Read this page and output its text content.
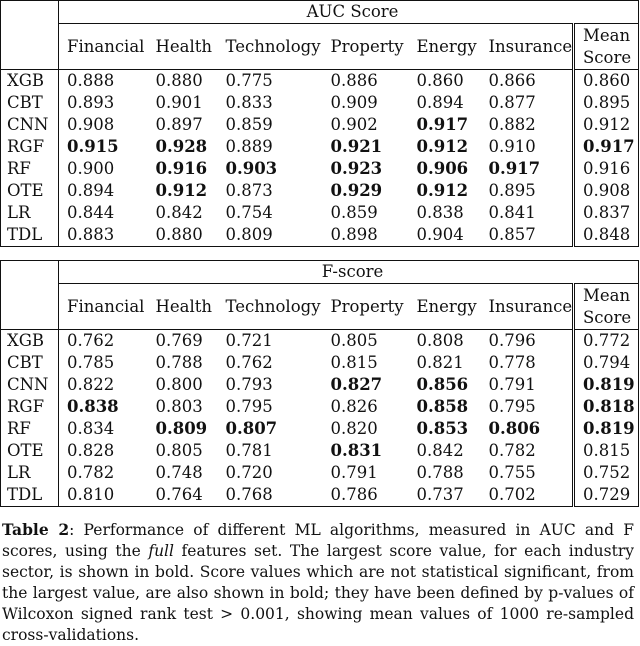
	AUC Score						
	Financial	Health	Technology	Property	Energy	Insurance	Mean
Score
XGB	0.888	0.880	0.775	0.886	0.860	0.866	0.860
CBT	0.893	0.901	0.833	0.909	0.894	0.877	0.895
CNN	0.908	0.897	0.859	0.902	0.917	0.882	0.912
RGF	0.915	0.928	0.889	0.921	0.912	0.910	0.917
RF	0.900	0.916	0.903	0.923	0.906	0.917	0.916
OTE	0.894	0.912	0.873	0.929	0.912	0.895	0.908
LR	0.844	0.842	0.754	0.859	0.838	0.841	0.837
TDL	0.883	0.880	0.809	0.898	0.904	0.857	0.848
	F-score						
	Financial	Health	Technology	Property	Energy	Insurance	Mean
Score
XGB	0.762	0.769	0.721	0.805	0.808	0.796	0.772
CBT	0.785	0.788	0.762	0.815	0.821	0.778	0.794
CNN	0.822	0.800	0.793	0.827	0.856	0.791	0.819
RGF	0.838	0.803	0.795	0.826	0.858	0.795	0.818
RF	0.834	0.809	0.807	0.820	0.853	0.806	0.819
OTE	0.828	0.805	0.781	0.831	0.842	0.782	0.815
LR	0.782	0.748	0.720	0.791	0.788	0.755	0.752
TDL	0.810	0.764	0.768	0.786	0.737	0.702	0.729
Table 2: Performance of different ML algorithms, measured in AUC and F scores, using the full features set. The largest score value, for each industry sector, is shown in bold. Score values which are not statistical significant, from the largest value, are also shown in bold; they have been defined by p-values of Wilcoxon signed rank test > 0.001, showing mean values of 1000 re-sampled cross-validations.
